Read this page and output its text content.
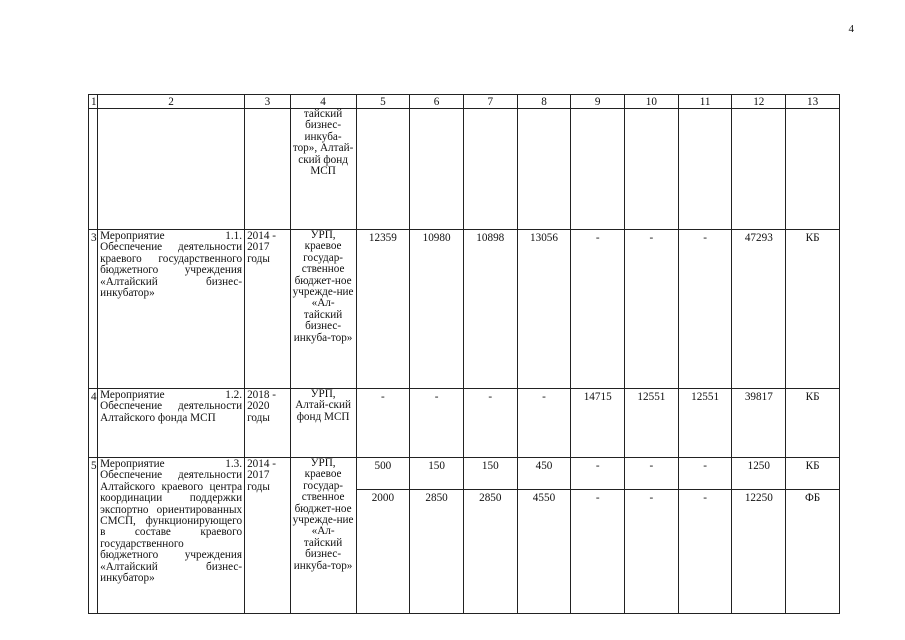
4
1	2	3	4	5	6	7	8	9	10	11	12	13
			тайский бизнес-инкуба-тор», Алтай-ский фонд МСП									
3	Мероприятие 1.1. Обеспечение деятельности краевого государственного бюджетного учреждения «Алтайский бизнес-инкубатор»	2014 - 2017 годы	УРП, краевое государ-ственное бюджет-ное учрежде-ние «Ал-тайский бизнес-инкуба-тор»	12359	10980	10898	13056	-	-	-	47293	КБ
4	Мероприятие 1.2. Обеспечение деятельности Алтайского фонда МСП	2018 - 2020 годы	УРП, Алтай-ский фонд МСП	-	-	-	-	14715	12551	12551	39817	КБ
5	Мероприятие 1.3. Обеспечение деятельности Алтайского краевого центра координации поддержки экспортно ориентированных СМСП, функционирующего в составе краевого государственного бюджетного учреждения «Алтайский бизнес-инкубатор»	2014 - 2017 годы	УРП, краевое государ-ственное бюджет-ное учрежде-ние «Ал-тайский бизнес-инкуба-тор»	500	150	150	450	-	-	-	1250	КБ
				2000	2850	2850	4550	-	-	-	12250	ФБ
